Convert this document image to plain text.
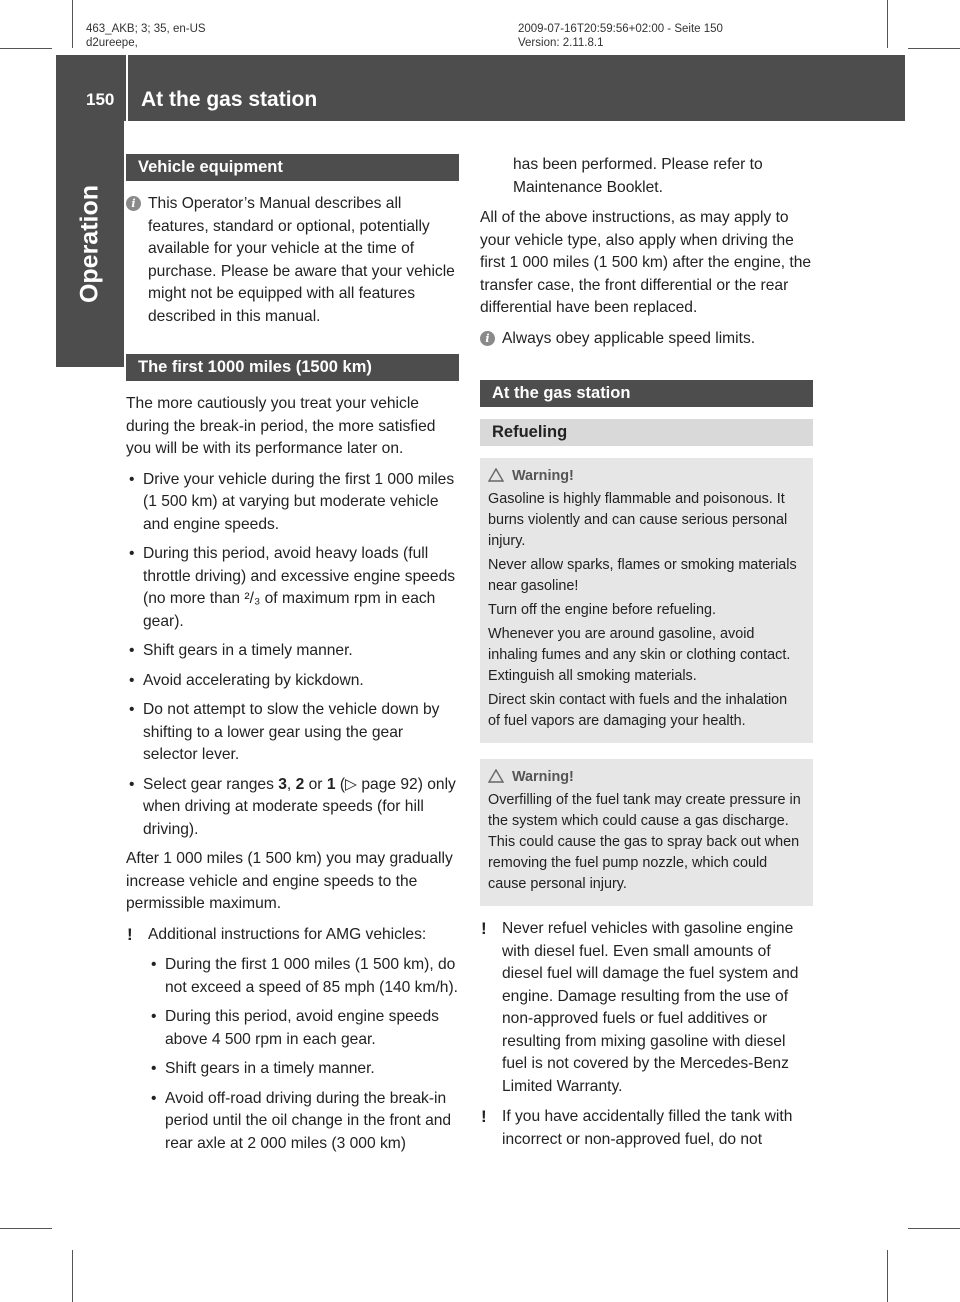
463_AKB; 3; 35, en-US
d2ureepe,
2009-07-16T20:59:56+02:00 - Seite 150
Version: 2.11.8.1
150 At the gas station
Operation
Vehicle equipment
i This Operator’s Manual describes all features, standard or optional, potentially available for your vehicle at the time of purchase. Please be aware that your vehicle might not be equipped with all features described in this manual.
The first 1000 miles (1500 km)

The more cautiously you treat your vehicle during the break-in period, the more satisfied you will be with its performance later on.

• Drive your vehicle during the first 1 000 miles (1 500 km) at varying but moderate vehicle and engine speeds.
• During this period, avoid heavy loads (full throttle driving) and excessive engine speeds (no more than ²/₃ of maximum rpm in each gear).
• Shift gears in a timely manner.
• Avoid accelerating by kickdown.
• Do not attempt to slow the vehicle down by shifting to a lower gear using the gear selector lever.
• Select gear ranges 3, 2 or 1 (▷ page 92) only when driving at moderate speeds (for hill driving).

After 1 000 miles (1 500 km) you may gradually increase vehicle and engine speeds to the permissible maximum.

! Additional instructions for AMG vehicles:
• During the first 1 000 miles (1 500 km), do not exceed a speed of 85 mph (140 km/h).
• During this period, avoid engine speeds above 4 500 rpm in each gear.
• Shift gears in a timely manner.
• Avoid off-road driving during the break-in period until the oil change in the front and rear axle at 2 000 miles (3 000 km)
has been performed. Please refer to Maintenance Booklet.

All of the above instructions, as may apply to your vehicle type, also apply when driving the first 1 000 miles (1 500 km) after the engine, the transfer case, the front differential or the rear differential have been replaced.

i Always obey applicable speed limits.
At the gas station
Refueling
Warning!

Gasoline is highly flammable and poisonous. It burns violently and can cause serious personal injury.

Never allow sparks, flames or smoking materials near gasoline!

Turn off the engine before refueling.

Whenever you are around gasoline, avoid inhaling fumes and any skin or clothing contact. Extinguish all smoking materials.

Direct skin contact with fuels and the inhalation of fuel vapors are damaging your health.

Warning!

Overfilling of the fuel tank may create pressure in the system which could cause a gas discharge. This could cause the gas to spray back out when removing the fuel pump nozzle, which could cause personal injury.

! Never refuel vehicles with gasoline engine with diesel fuel. Even small amounts of diesel fuel will damage the fuel system and engine. Damage resulting from the use of non-approved fuels or fuel additives or resulting from mixing gasoline with diesel fuel is not covered by the Mercedes-Benz Limited Warranty.
! If you have accidentally filled the tank with incorrect or non-approved fuel, do not
